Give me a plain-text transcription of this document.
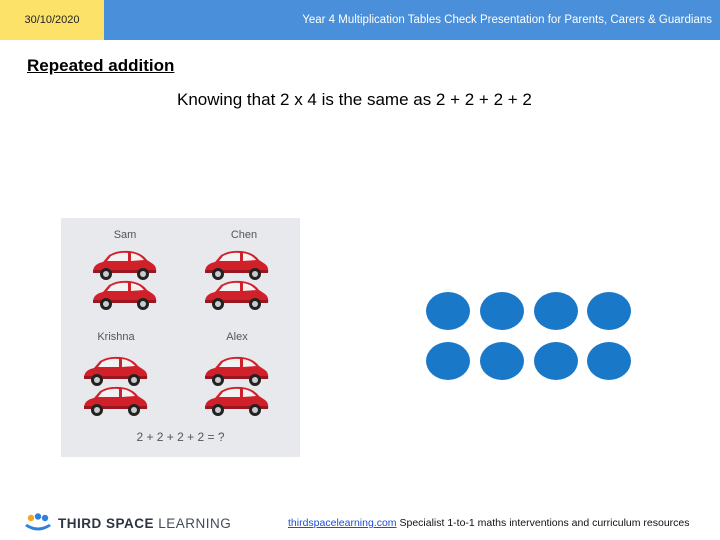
30/10/2020	Year 4 Multiplication Tables Check Presentation for Parents, Carers & Guardians
Repeated addition
Knowing that 2 x 4 is the same as 2 + 2 + 2 + 2
Sam	Chen
Krishna	Alex
2 + 2 + 2 + 2 = ?
THIRD SPACE LEARNING	thirdspacelearning.com Specialist 1-to-1 maths interventions and curriculum resources
